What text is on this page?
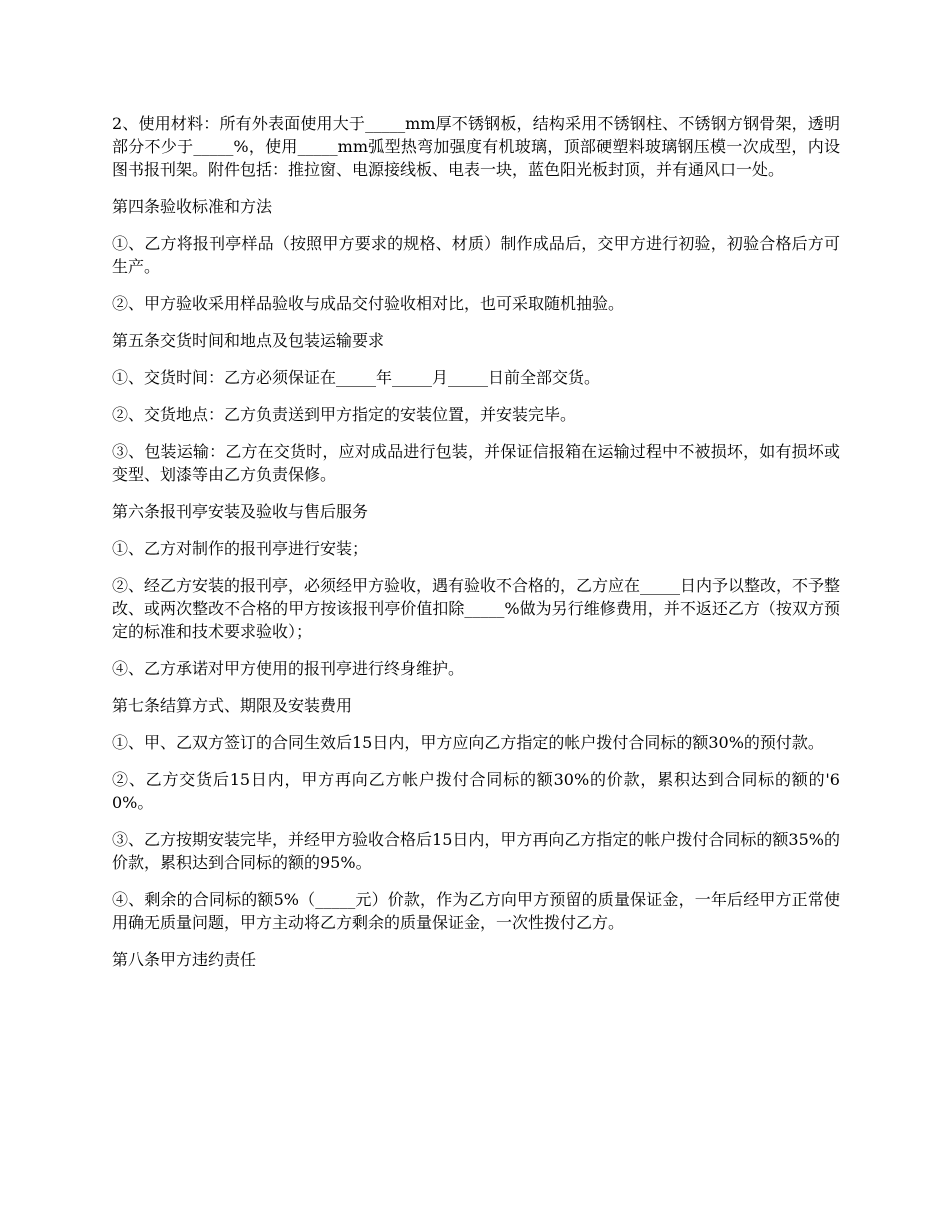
2、使用材料：所有外表面使用大于_____mm厚不锈钢板，结构采用不锈钢柱、不锈钢方钢骨架，透明部分不少于_____%，使用_____mm弧型热弯加强度有机玻璃，顶部硬塑料玻璃钢压模一次成型，内设图书报刊架。附件包括：推拉窗、电源接线板、电表一块，蓝色阳光板封顶，并有通风口一处。

第四条验收标准和方法

①、乙方将报刊亭样品（按照甲方要求的规格、材质）制作成品后，交甲方进行初验，初验合格后方可生产。

②、甲方验收采用样品验收与成品交付验收相对比，也可采取随机抽验。

第五条交货时间和地点及包装运输要求

①、交货时间：乙方必须保证在_____年_____月_____日前全部交货。

②、交货地点：乙方负责送到甲方指定的安装位置，并安装完毕。

③、包装运输：乙方在交货时，应对成品进行包装，并保证信报箱在运输过程中不被损坏，如有损坏或变型、划漆等由乙方负责保修。

第六条报刊亭安装及验收与售后服务

①、乙方对制作的报刊亭进行安装；

②、经乙方安装的报刊亭，必须经甲方验收，遇有验收不合格的，乙方应在_____日内予以整改，不予整改、或两次整改不合格的甲方按该报刊亭价值扣除_____%做为另行维修费用，并不返还乙方（按双方预定的标准和技术要求验收）；

④、乙方承诺对甲方使用的报刊亭进行终身维护。

第七条结算方式、期限及安装费用

①、甲、乙双方签订的合同生效后15日内，甲方应向乙方指定的帐户拨付合同标的额30%的预付款。

②、乙方交货后15日内，甲方再向乙方帐户拨付合同标的额30%的价款，累积达到合同标的额的'60%。

③、乙方按期安装完毕，并经甲方验收合格后15日内，甲方再向乙方指定的帐户拨付合同标的额35%的价款，累积达到合同标的额的95%。

④、剩余的合同标的额5%（_____元）价款，作为乙方向甲方预留的质量保证金，一年后经甲方正常使用确无质量问题，甲方主动将乙方剩余的质量保证金，一次性拨付乙方。

第八条甲方违约责任
